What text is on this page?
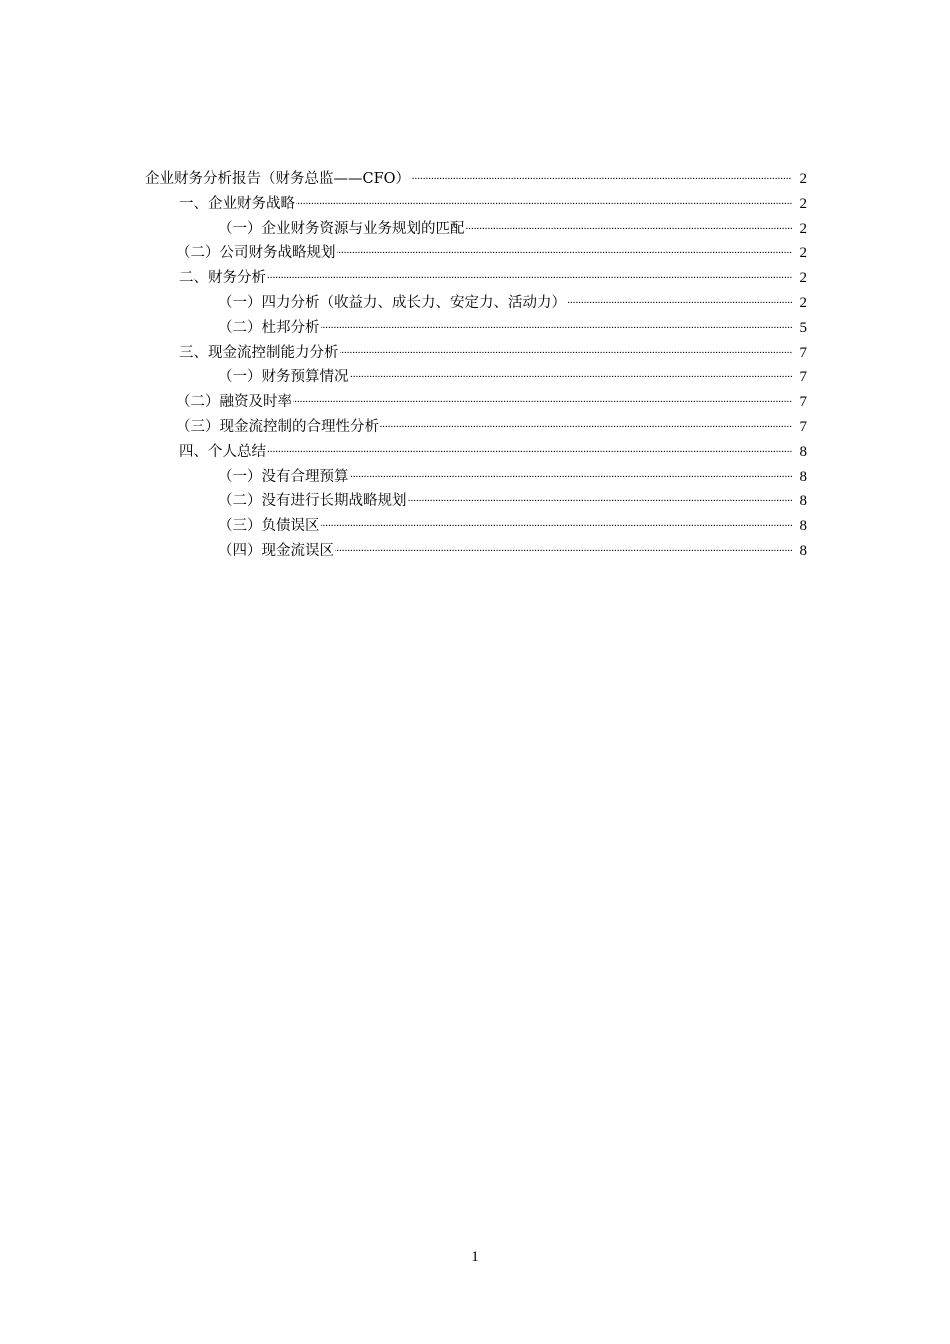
企业财务分析报告（财务总监——CFO） .....	2
一、企业财务战略 .....	2
（一）企业财务资源与业务规划的匹配 .....	2
（二）公司财务战略规划 .....	2
二、财务分析 .....	2
（一）四力分析（收益力、成长力、安定力、活动力） .....	2
（二）杜邦分析 .....	5
三、现金流控制能力分析 .....	7
（一）财务预算情况 .....	7
（二）融资及时率 .....	7
（三）现金流控制的合理性分析 .....	7
四、个人总结 .....	8
（一）没有合理预算 .....	8
（二）没有进行长期战略规划 .....	8
（三）负债误区 .....	8
（四）现金流误区 .....	8
1
